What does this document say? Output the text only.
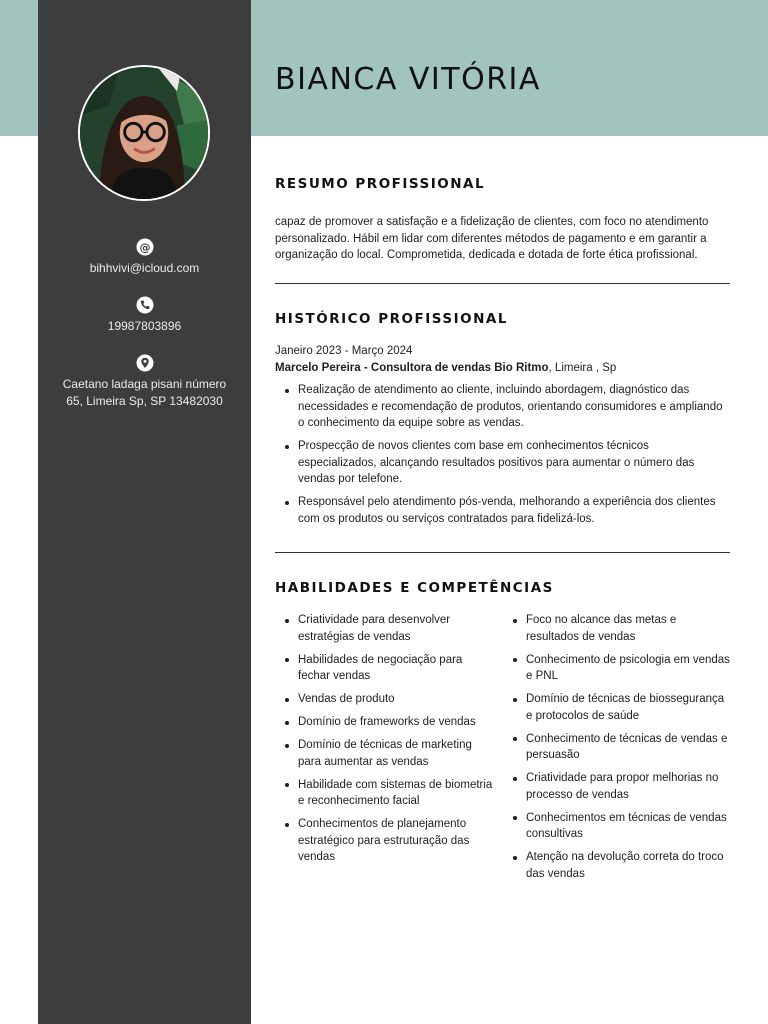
@
bihhvivi@icloud.com
19987803896
Caetano ladaga pisani número
65, Limeira Sp, SP 13482030
BIANCA VITÓRIA
RESUMO PROFISSIONAL
capaz de promover a satisfação e a fidelização de clientes, com foco no atendimento
personalizado. Hábil em lidar com diferentes métodos de pagamento e em garantir a
organização do local. Comprometida, dedicada e dotada de forte ética profissional.
HISTÓRICO PROFISSIONAL
Janeiro 2023 - Março 2024
Marcelo Pereira - Consultora de vendas Bio Ritmo, Limeira , Sp
Realização de atendimento ao cliente, incluindo abordagem, diagnóstico das necessidades e recomendação de produtos, orientando consumidores e ampliando o conhecimento da equipe sobre as vendas.
Prospecção de novos clientes com base em conhecimentos técnicos especializados, alcançando resultados positivos para aumentar o número das vendas por telefone.
Responsável pelo atendimento pós-venda, melhorando a experiência dos clientes com os produtos ou serviços contratados para fidelizá-los.
HABILIDADES E COMPETÊNCIAS
Criatividade para desenvolver estratégias de vendas
Habilidades de negociação para fechar vendas
Vendas de produto
Domínio de frameworks de vendas
Domínio de técnicas de marketing para aumentar as vendas
Habilidade com sistemas de biometria e reconhecimento facial
Conhecimentos de planejamento estratégico para estruturação das vendas
Foco no alcance das metas e resultados de vendas
Conhecimento de psicologia em vendas e PNL
Domínio de técnicas de biossegurança e protocolos de saúde
Conhecimento de técnicas de vendas e persuasão
Criatividade para propor melhorias no processo de vendas
Conhecimentos em técnicas de vendas consultivas
Atenção na devolução correta do troco das vendas
